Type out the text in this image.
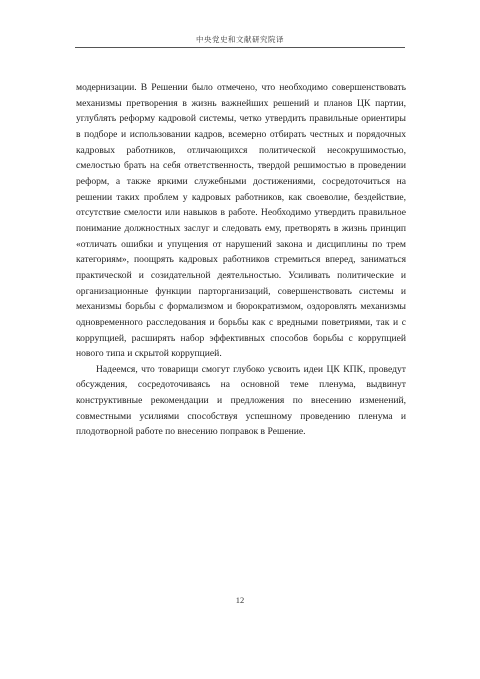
中央党史和文献研究院译

модернизации. В Решении было отмечено, что необходимо совершенствовать механизмы претворения в жизнь важнейших решений и планов ЦК партии, углублять реформу кадровой системы, четко утвердить правильные ориентиры в подборе и использовании кадров, всемерно отбирать честных и порядочных кадровых работников, отличающихся политической несокрушимостью, смелостью брать на себя ответственность, твердой решимостью в проведении реформ, а также яркими служебными достижениями, сосредоточиться на решении таких проблем у кадровых работников, как своеволие, бездействие, отсутствие смелости или навыков в работе. Необходимо утвердить правильное понимание должностных заслуг и следовать ему, претворять в жизнь принцип «отличать ошибки и упущения от нарушений закона и дисциплины по трем категориям», поощрять кадровых работников стремиться вперед, заниматься практической и созидательной деятельностью. Усиливать политические и организационные функции парторганизаций, совершенствовать системы и механизмы борьбы с формализмом и бюрократизмом, оздоровлять механизмы одновременного расследования и борьбы как с вредными поветриями, так и с коррупцией, расширять набор эффективных способов борьбы с коррупцией нового типа и скрытой коррупцией.

Надеемся, что товарищи смогут глубоко усвоить идеи ЦК КПК, проведут обсуждения, сосредоточиваясь на основной теме пленума, выдвинут конструктивные рекомендации и предложения по внесению изменений, совместными усилиями способствуя успешному проведению пленума и плодотворной работе по внесению поправок в Решение.

12
